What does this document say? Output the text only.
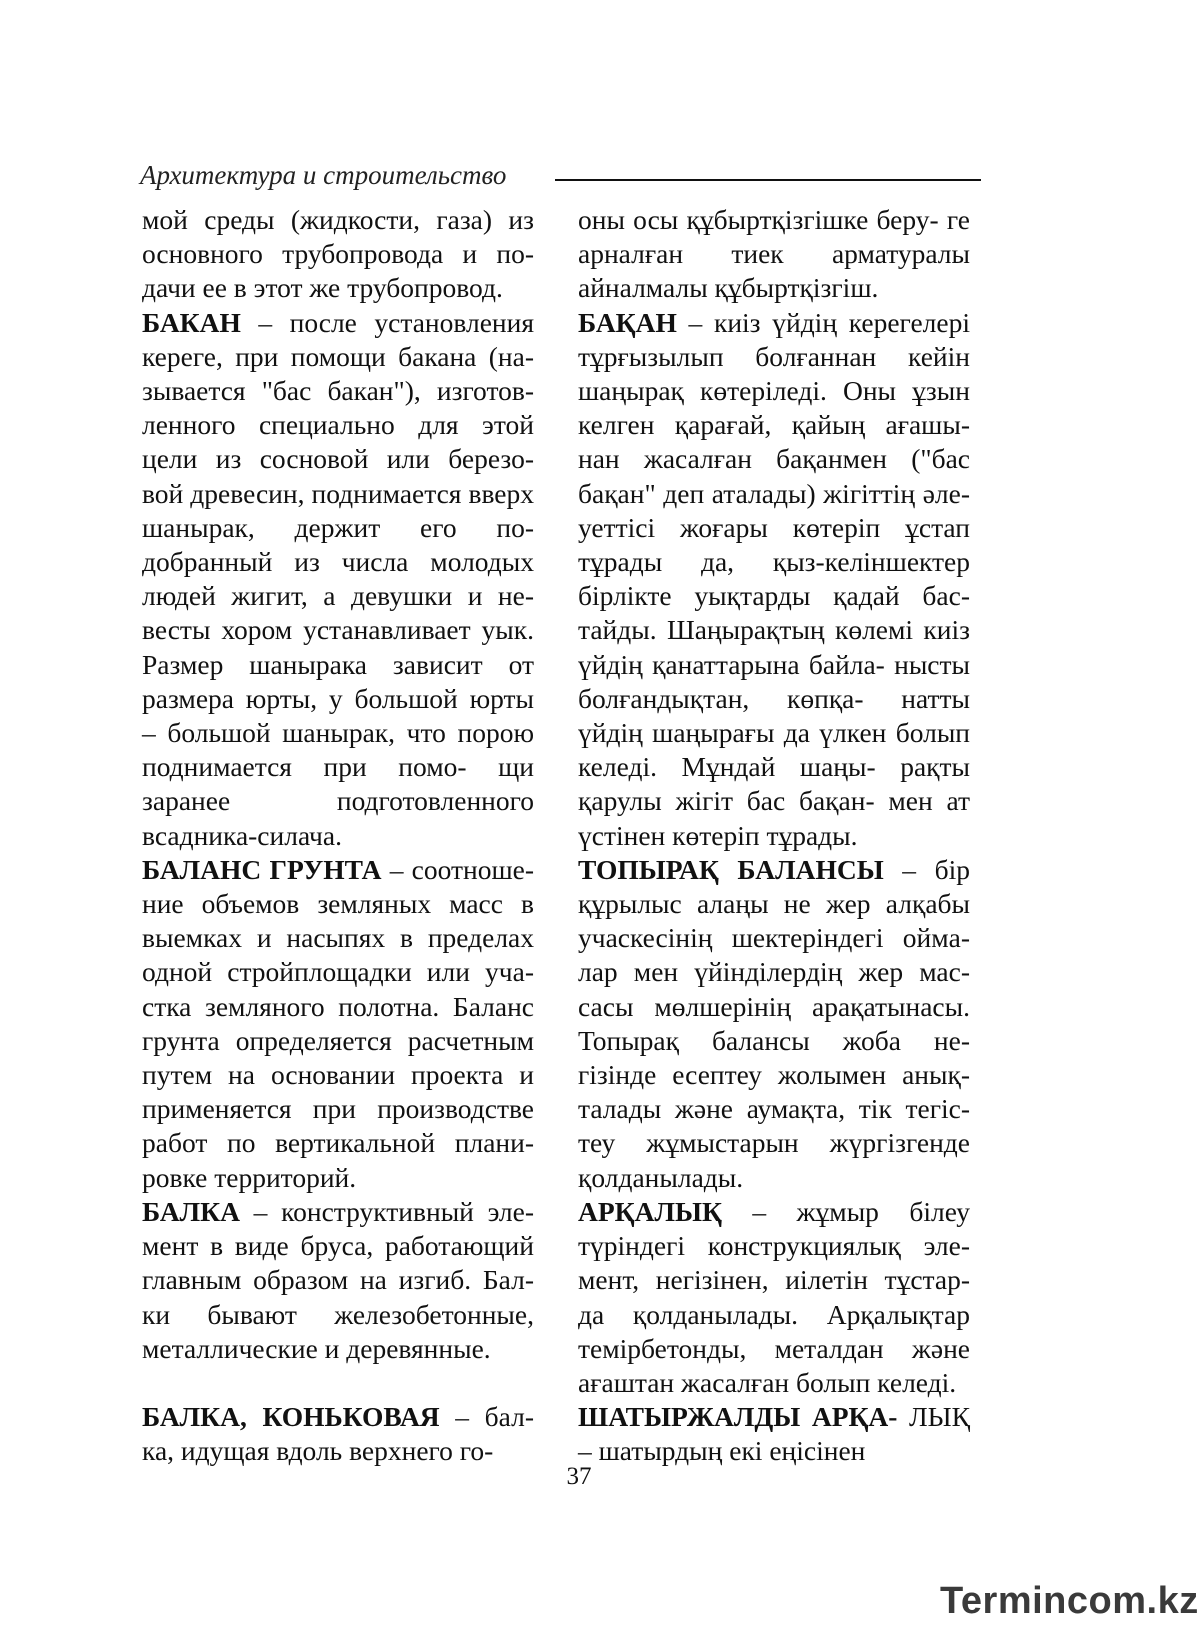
Архитектура и строительство

мой среды (жидкости, газа) из основного трубопровода и по- дачи ее в этот же трубопровод.

БАКАН – после установления кереге, при помощи бакана (на- зывается "бас бакан"), изготов- ленного специально для этой цели из сосновой или березо- вой древесин, поднимается вверх шанырак, держит его по- добранный из числа молодых людей жигит, а девушки и не- весты хором устанавливает уык. Размер шанырака зависит от размера юрты, у большой юрты – большой шанырак, что порою поднимается при помо- щи заранее подготовленного всадника-силача.

БАЛАНС ГРУНТА – соотноше- ние объемов земляных масс в выемках и насыпях в пределах одной стройплощадки или уча- стка земляного полотна. Баланс грунта определяется расчетным путем на основании проекта и применяется при производстве работ по вертикальной плани- ровке территорий.

БАЛКА – конструктивный эле- мент в виде бруса, работающий главным образом на изгиб. Бал- ки бывают железобетонные, металлические и деревянные.

БАЛКА, КОНЬКОВАЯ – бал- ка, идущая вдоль верхнего го-

оны осы құбыртқізгішке беру- ге арналған тиек арматуралы айналмалы құбыртқізгіш.

БАҚАН – киіз үйдің керегелері тұрғызылып болғаннан кейін шаңырақ көтеріледі. Оны ұзын келген қарағай, қайың ағашы- нан жасалған бақанмен ("бас бақан" деп аталады) жігіттің әле- уеттісі жоғары көтеріп ұстап тұрады да, қыз-келіншектер бірлікте уықтарды қадай бас- тайды. Шаңырақтың көлемі киіз үйдің қанаттарына байла- нысты болғандықтан, көпқа- натты үйдің шаңырағы да үлкен болып келеді. Мұндай шаңы- рақты қарулы жігіт бас бақан- мен ат үстінен көтеріп тұрады.

ТОПЫРАҚ БАЛАНСЫ – бір құрылыс алаңы не жер алқабы учаскесінің шектеріндегі оймa- лар мен үйінділердің жер мас- сасы мөлшерінің арақатынасы. Топырақ балансы жоба не- гізінде есептеу жолымен анық- талады және аумақта, тік тегіс- теу жұмыстарын жүргізгенде қолданылады.

АРҚАЛЫҚ – жұмыр білеу түріндегі конструкциялық эле- мент, негізінен, иілетін тұстар- да қолданылады. Арқалықтар темірбетонды, металдан және ағаштан жасалған болып келеді.

ШАТЫРЖАЛДЫ АРҚА- ЛЫҚ – шатырдың екі еңісінен

37
Termincom.kz
